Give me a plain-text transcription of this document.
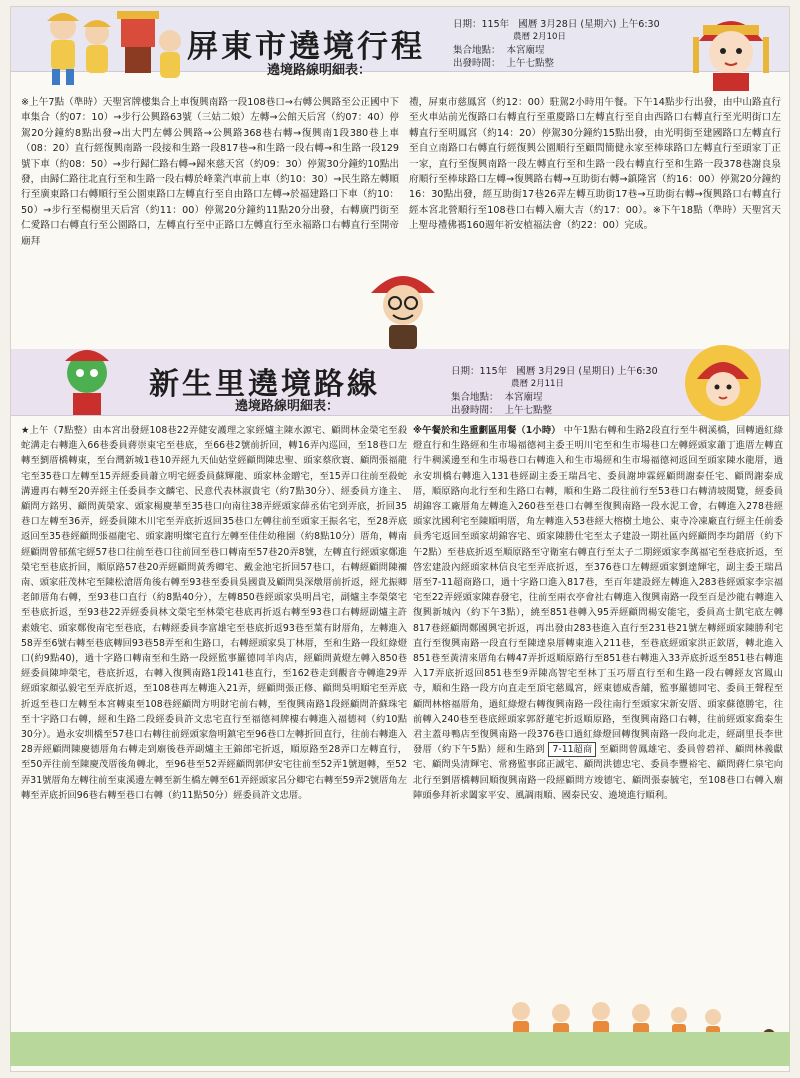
屏東市遶境行程
遶境路線明細表：
日期：115年 國曆 3月28日 (星期六) 上午6:30
農曆 2月10日
集合地點： 本宮廟埕
出發時間： 上午七點整
※上午7點（準時）天聖宮牌樓集合上車復興南路一段108巷口→右轉公興路至公正國中下車集合（約07：10）→步行公興路63號（三姑二娘）左轉→公館天后宮（約07：40）停駕20分鐘約8點出發→出大門左轉公興路→公興路368巷右轉→復興南1段380巷上車（08：20）直行經復興南路一段接和生路一段817巷→和生路一段右轉→和生路一段129號下車（約08：50）→步行歸仁路右轉→歸來慈天宮（約09：30）停駕30分鐘約10點出發，由歸仁路往北直行至和生路一段右轉於峰業汽車前上車（約10：30）→民生路左轉順行至廣東路口右轉順行至公園東路口左轉直行至自由路口左轉→於福建路口下車（約10：50）→步行至楊樹里天后宮（約11：00）停駕20分鐘約11點20分出發，右轉廣門街至仁愛路口右轉直行至公園路口，左轉直行至中正路口左轉直行至永福路口右轉直行至開帝廟拜
禮，屏東市慈鳳宮（約12：00）駐駕2小時用午餐。下午14點步行出發，由中山路直行至火車站前光復路口右轉直行至重慶路口左轉直行至自由西路口右轉直行至光明街口左轉直行至明鳳宮（約14：20）停駕30分鐘約15點出發，由光明街至建國路口左轉直行至自立南路口右轉直行經復興公園順行至顧問簡健永家至棒球路口左轉直行至頭家丁正一家，直行至復興南路一段左轉直行至和生路一段右轉直行至和生路一段378巷謝良泉府順行至棒球路口左轉→復興路右轉→互助街右轉→鎮隆宮（約16：00）停駕20分鐘約16：30點出發，經互助街17巷26弄左轉互助街17巷→互助街右轉→復興路口右轉直行經本宮北營順行至108巷口右轉入廟大吉（約17：00）。※下午18點（準時）天聖宮天上聖母禮佛禡160週年祈安植福法會（約22：00）完成。
新生里遶境路線
遶境路線明細表：
日期：115年 國曆 3月29日 (星期日) 上午6:30
農曆 2月11日
集合地點： 本宮廟埕
出發時間： 上午七點整
★上午（7點整）由本宮出發經108巷22弄健安護理之家經爐主陳水源宅、顧問林金榮宅至殺蛇溝走右轉進入66巷委員蔣崇東宅至巷底，至66巷2號前折回，轉16弄內巡回，至18巷口左轉至劉厝橋轉東，至台灣新城1巷10弄經九天仙姑堂經顧問陳忠聖、頭家蔡欣寰、顧問張福龍宅至35巷口左轉至15弄經委員蕭立明宅經委員蘇輝龍、頭家林金贈宅，至15弄口往前至殺蛇溝邊再右轉至20弄經主任委員李文麟宅、民意代表林淑貴宅（約7點30分）、經委員方逢主、顧問方銘男、顧問黃榮家、頭家楊慶華至35巷口向南往38弄經頭家薛丞佑宅到弄底，折回35巷口左轉至36弄，經委員陳木川宅至弄底折返回35巷口左轉往前至頭家王振名宅，至28弄底返回至35巷經顧問張福龍宅、頭家謝明燦宅直行左轉至佳佳幼稚園（約8點10分）厝角，轉南經顧問曾郁蕉宅經57巷口往前至巷口往前回至巷口轉南至57巷20弄8號，左轉直行經頭家鄭進榮宅至巷底折回，順原路57巷20弄經顧問黃秀卿宅、戴金池宅折回57巷口，右轉經顧問陳禰南、頭家莊茂林宅至陳松滄厝角後右轉至93巷至委員吳國貴及顧問吳深燉厝前折返，經尤振卿老師厝角右轉，至93巷口直行（約8點40分），左轉850巷經頭家吳明昌宅，副爐主李榮棨宅至巷底折返，至93巷22弄經委員林文榮宅至林榮宅巷底再折返右轉至93巷口右轉經副爐主許素娥宅、頭家鄭俊南宅至巷底，右轉經委員李富雄宅至巷底折返93巷至葉有財厝角，左轉進入58弄至6號右轉至巷底轉回93巷58弄至和生路口，右轉經頭家吳丁林厝，至和生路一段紅綠燈口(約9點40)，過十字路口轉南至和生路一段經監事羅德同羊肉店，經顧問黃燈左轉入850巷經委員陳坤榮宅，巷底折返，右轉入復興南路1段141巷直行，至162巷走到觀音寺轉進29弄經頭家顏弘毅宅至弄底折返，至108巷再左轉進入21弄，經顧問張正修、顧問吳明順宅至弄底折返至巷口左轉至本宮轉東至108巷經顧問方明財宅前右轉，至復興南路1段經顧問許蘇珠宅至十字路口右轉，經和生路二段經委員許文忠宅直行至福德祠牌樓右轉進入福德祠（約10點30分）。過永安圳橋至57巷口右轉往前經頭家詹明鎮宅至96巷口左轉折回直行，往前右轉進入28弄經顧問陳慶德厝角右轉走到廟後巷弄副爐主王錦郎宅折返，順原路至28弄口左轉直行，至50弄往前至陳慶茂厝後角轉北，至96巷至52弄經顧問郭伊安宅往前至52弄1號迴轉，至52弄31號厝角左轉往前至東溪邊左轉至新生橋左轉至61弄經頭家呂分卿宅右轉至59弄2號厝角左轉至弄底折回96巷右轉至巷口右轉（約11點50分）經委員許文忠厝。
※午餐於和生重劃區用餐（1小時） 中午1點右轉和生路2段直行至牛稠溪橋，回轉過紅綠燈直行和生路經和生市場福德祠主委王明川宅至和生市場巷口左轉經頭家蕭丁進厝左轉直行牛稠溪邊至和生市場巷口右轉進入和生市場經和生市場福德祠返回至頭家陳水龍厝，過永安圳橋右轉進入131巷經副主委王瑞昌宅、委員謝坤霖經顧問謝泰任宅、顧問謝泰成厝，順原路向北行至和生路口右轉，順和生路二段往前行至53巷口右轉清坡閱覽，經委員胡錦容工廠厝角左轉進入260巷至巷口右轉至復興南路一段水泥工會，右轉進入278巷經頭家沈國利宅至陳順明厝，角左轉進入53巷經大榕樹土地公、東寺冷凍廠直行經主任前委員秀宅返回至頭家胡錦容宅、頭家陳勝仕宅至太子建設一期社區內經顧問李均銷厝（約下午2點）至巷底折返至順原路至守衛室右轉直行至太子二期經頭家李萬福宅至巷底折返，至啓宏建設內經頭家林信良宅至弄底折返，至376巷口左轉經頭家劉達輝宅，副主委王瑞昌厝至7-11超商路口，過十字路口進入817巷，至百年建設經左轉進入283巷經頭家李宗福宅至22弄經頭家陳春發宅，往前至兩衣亭會社右轉進入復興南路一段至百是沙龍右轉進入復興新城內（約下午3點），繞至851巷轉入95弄經顧問楊安能宅，委員高士凱宅底左轉817巷經顧問鄭國興宅折返，再出發由283巷進入直行至231巷21號左轉經頭家陳勝利宅直行至復興南路一段直行至陳達泉厝轉東進入211巷，至巷底經頭家洪正欽厝，轉北進入851巷至黃清來厝角右轉47弄折返順原路行至851巷右轉進入33弄底折返至851巷右轉進入17弄底折返回851巷至9弄陳高智宅至林丁玉巧厝直行至和生路一段右轉經友宮鳳山寺，順和生路一段方向直走至頂宅慈鳳宮，經東德威香舖，監事羅德同宅、委員王聲程至顧問林榕福厝角，過紅綠燈右轉復興南路一段往南行至頭家宋新安厝、頭家蘇德勝宅，往前轉入240巷至巷底經頭家郭舒蓮宅折返順原路，至復興南路口右轉，往前經頭家喬泰生君主蓋母鴨店至復興南路一段376巷口過紅綠燈回轉復興南路一段向北走，經副里長李世發厝（約下午5點）經和生路到 7-11超商 至顧問曾鳳雄宅、委員曾碧祥、顧問林義獻宅、顧問吳清輝宅、常務監事邱正誠宅、顧問洪德忠宅、委員李豐裕宅、顧問蔣仁泉宅向北行至劉厝橋轉回順復興南路一段經顧問方竣德宅、顧問張泰毓宅，至108巷口右轉入廟陣頭參拜祈求闔家平安、風調雨順、國泰民安、遶境進行順利。
